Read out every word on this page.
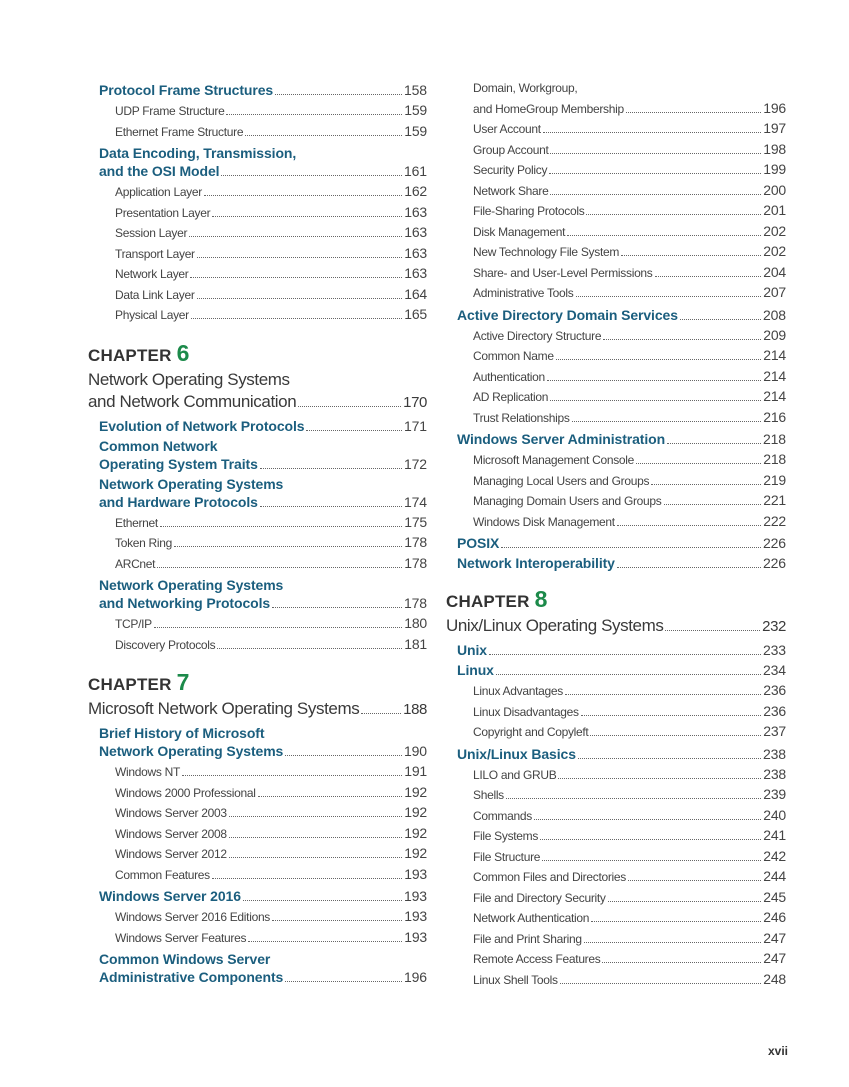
Protocol Frame Structures	158
UDP Frame Structure	159
Ethernet Frame Structure	159
Data Encoding, Transmission,
and the OSI Model	161
Application Layer	162
Presentation Layer	163
Session Layer	163
Transport Layer	163
Network Layer	163
Data Link Layer	164
Physical Layer	165
CHAPTER 6
Network Operating Systems
and Network Communication	170
Evolution of Network Protocols	171
Common Network
Operating System Traits	172
Network Operating Systems
and Hardware Protocols	174
Ethernet	175
Token Ring	178
ARCnet	178
Network Operating Systems
and Networking Protocols	178
TCP/IP	180
Discovery Protocols	181
CHAPTER 7
Microsoft Network Operating Systems	188
Brief History of Microsoft
Network Operating Systems	190
Windows NT	191
Windows 2000 Professional	192
Windows Server 2003	192
Windows Server 2008	192
Windows Server 2012	192
Common Features	193
Windows Server 2016	193
Windows Server 2016 Editions	193
Windows Server Features	193
Common Windows Server
Administrative Components	196
Domain, Workgroup,
and HomeGroup Membership	196
User Account	197
Group Account	198
Security Policy	199
Network Share	200
File-Sharing Protocols	201
Disk Management	202
New Technology File System	202
Share- and User-Level Permissions	204
Administrative Tools	207
Active Directory Domain Services	208
Active Directory Structure	209
Common Name	214
Authentication	214
AD Replication	214
Trust Relationships	216
Windows Server Administration	218
Microsoft Management Console	218
Managing Local Users and Groups	219
Managing Domain Users and Groups	221
Windows Disk Management	222
POSIX	226
Network Interoperability	226
CHAPTER 8
Unix/Linux Operating Systems	232
Unix	233
Linux	234
Linux Advantages	236
Linux Disadvantages	236
Copyright and Copyleft	237
Unix/Linux Basics	238
LILO and GRUB	238
Shells	239
Commands	240
File Systems	241
File Structure	242
Common Files and Directories	244
File and Directory Security	245
Network Authentication	246
File and Print Sharing	247
Remote Access Features	247
Linux Shell Tools	248
xvii
